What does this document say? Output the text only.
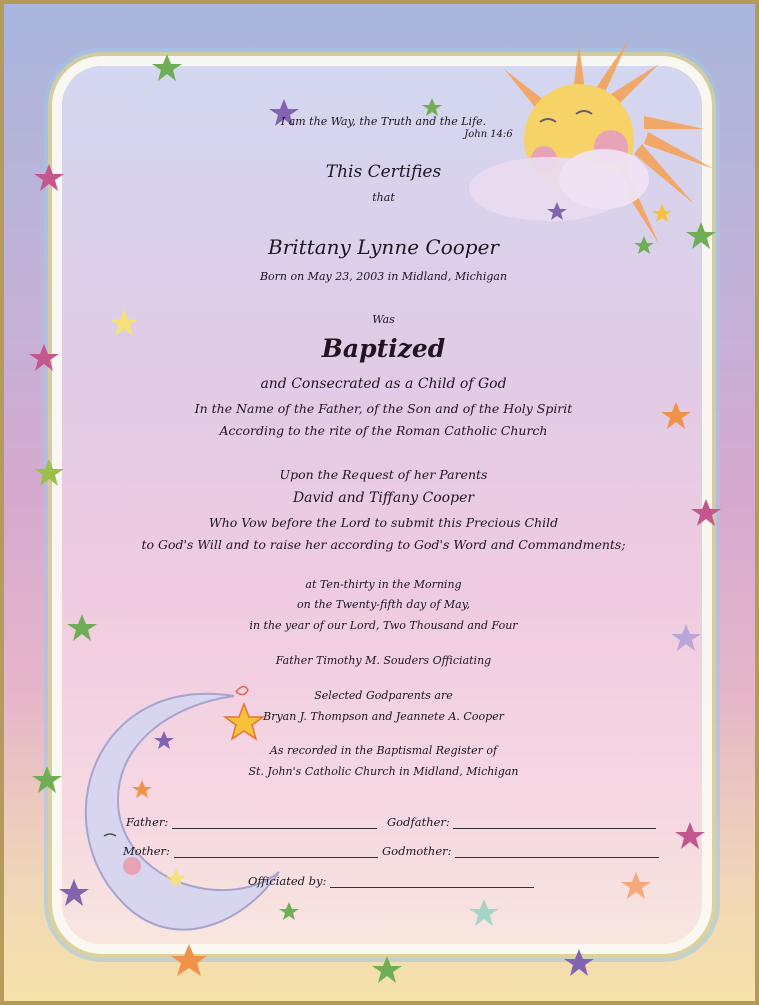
I am the Way, the Truth and the Life.
John 14:6
This Certifies
that
Brittany Lynne Cooper
Born on May 23, 2003 in Midland, Michigan
Was
Baptized
and Consecrated as a Child of God
In the Name of the Father, of the Son and of the Holy Spirit
According to the rite of the Roman Catholic Church
Upon the Request of her Parents
David and Tiffany Cooper
Who Vow before the Lord to submit this Precious Child
to God's Will and to raise her according to God's Word and Commandments;
at Ten-thirty in the Morning
on the Twenty-fifth day of May,
in the year of our Lord, Two Thousand and Four
Father Timothy M. Souders Officiating
Selected Godparents are
Bryan J. Thompson and Jeannete A. Cooper
As recorded in the Baptismal Register of
St. John's Catholic Church in Midland, Michigan
Father:	Godfather:
Mother:	Godmother:
Officiated by:
